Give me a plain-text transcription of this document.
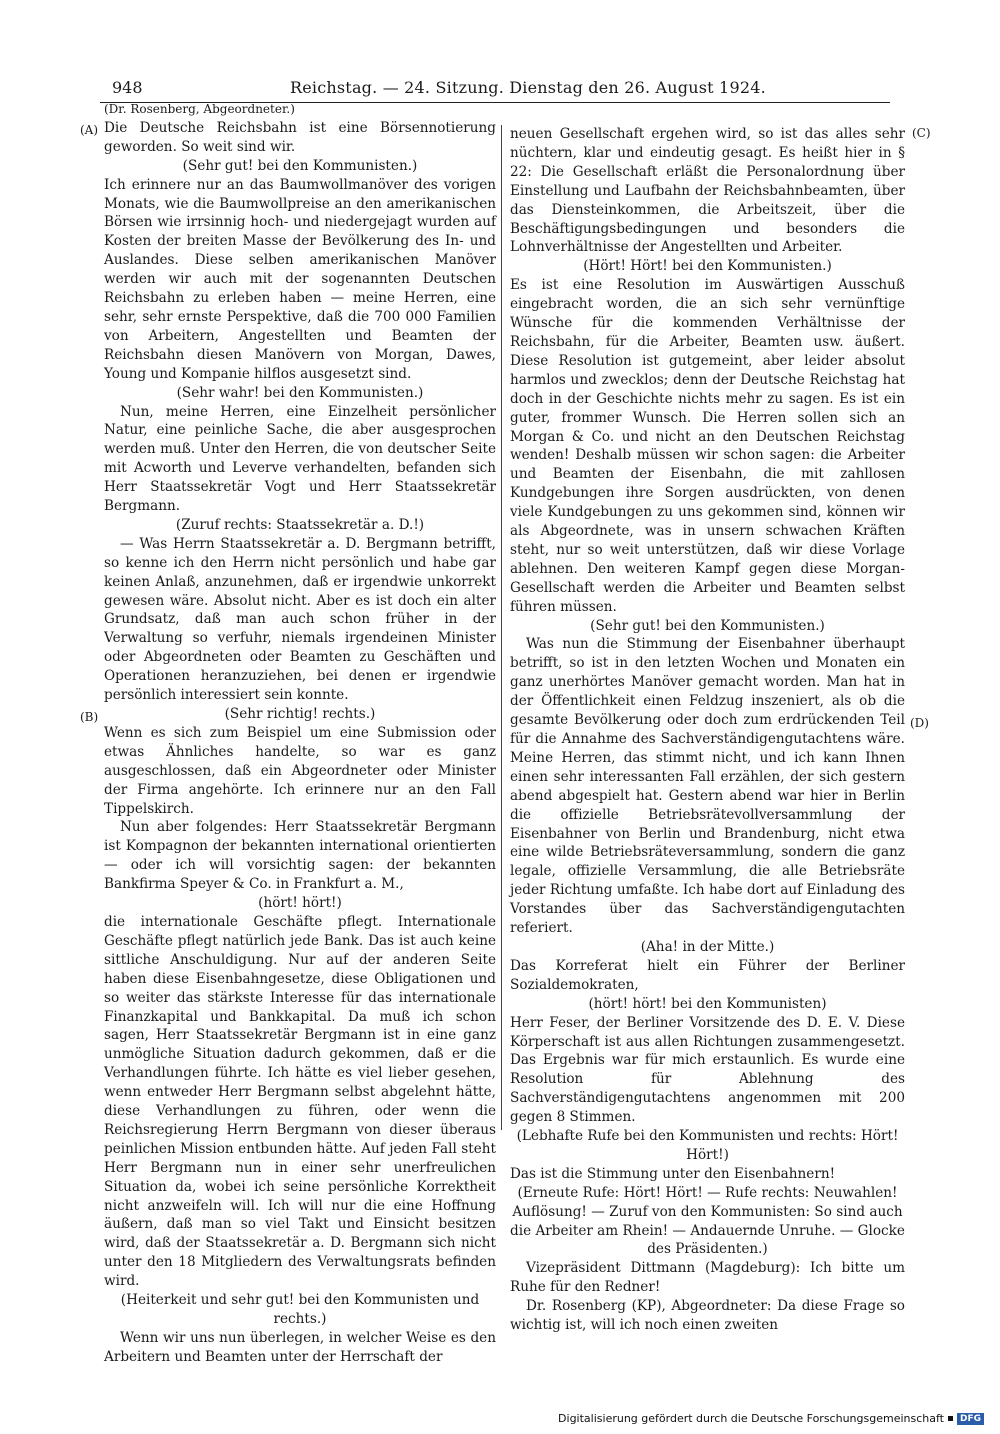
948	Reichstag. — 24. Sitzung. Dienstag den 26. August 1924.
(A)
(B)
(C)
(D)

(Dr. Rosenberg, Abgeordneter.)

Die Deutsche Reichsbahn ist eine Börsennotierung geworden. So weit sind wir.

(Sehr gut! bei den Kommunisten.)

Ich erinnere nur an das Baumwollmanöver des vorigen Monats, wie die Baumwollpreise an den amerikanischen Börsen wie irrsinnig hoch- und niedergejagt wurden auf Kosten der breiten Masse der Bevölkerung des In- und Auslandes. Diese selben amerikanischen Manöver werden wir auch mit der sogenannten Deutschen Reichsbahn zu erleben haben — meine Herren, eine sehr, sehr ernste Perspektive, daß die 700 000 Familien von Arbeitern, Angestellten und Beamten der Reichsbahn diesen Manövern von Morgan, Dawes, Young und Kompanie hilflos ausgesetzt sind.

(Sehr wahr! bei den Kommunisten.)

Nun, meine Herren, eine Einzelheit persönlicher Natur, eine peinliche Sache, die aber ausgesprochen werden muß. Unter den Herren, die von deutscher Seite mit Acworth und Leverve verhandelten, befanden sich Herr Staatssekretär Vogt und Herr Staatssekretär Bergmann.

(Zuruf rechts: Staatssekretär a. D.!)

— Was Herrn Staatssekretär a. D. Bergmann betrifft, so kenne ich den Herrn nicht persönlich und habe gar keinen Anlaß, anzunehmen, daß er irgendwie unkorrekt gewesen wäre. Absolut nicht. Aber es ist doch ein alter Grundsatz, daß man auch schon früher in der Verwaltung so verfuhr, niemals irgendeinen Minister oder Abgeordneten oder Beamten zu Geschäften und Operationen heranzuziehen, bei denen er irgendwie persönlich interessiert sein konnte.

(Sehr richtig! rechts.)

Wenn es sich zum Beispiel um eine Submission oder etwas Ähnliches handelte, so war es ganz ausgeschlossen, daß ein Abgeordneter oder Minister der Firma angehörte. Ich erinnere nur an den Fall Tippelskirch.

Nun aber folgendes: Herr Staatssekretär Bergmann ist Kompagnon der bekannten international orientierten — oder ich will vorsichtig sagen: der bekannten Bankfirma Speyer & Co. in Frankfurt a. M.,

(hört! hört!)

die internationale Geschäfte pflegt. Internationale Geschäfte pflegt natürlich jede Bank. Das ist auch keine sittliche Anschuldigung. Nur auf der anderen Seite haben diese Eisenbahngesetze, diese Obligationen und so weiter das stärkste Interesse für das internationale Finanzkapital und Bankkapital. Da muß ich schon sagen, Herr Staatssekretär Bergmann ist in eine ganz unmögliche Situation dadurch gekommen, daß er die Verhandlungen führte. Ich hätte es viel lieber gesehen, wenn entweder Herr Bergmann selbst abgelehnt hätte, diese Verhandlungen zu führen, oder wenn die Reichsregierung Herrn Bergmann von dieser überaus peinlichen Mission entbunden hätte. Auf jeden Fall steht Herr Bergmann nun in einer sehr unerfreulichen Situation da, wobei ich seine persönliche Korrektheit nicht anzweifeln will. Ich will nur die eine Hoffnung äußern, daß man so viel Takt und Einsicht besitzen wird, daß der Staatssekretär a. D. Bergmann sich nicht unter den 18 Mitgliedern des Verwaltungsrats befinden wird.

(Heiterkeit und sehr gut! bei den Kommunisten und rechts.)

Wenn wir uns nun überlegen, in welcher Weise es den Arbeitern und Beamten unter der Herrschaft der

neuen Gesellschaft ergehen wird, so ist das alles sehr nüchtern, klar und eindeutig gesagt. Es heißt hier in § 22: Die Gesellschaft erläßt die Personalordnung über Einstellung und Laufbahn der Reichsbahnbeamten, über das Diensteinkommen, die Arbeitszeit, über die Beschäftigungsbedingungen und besonders die Lohnverhältnisse der Angestellten und Arbeiter.

(Hört! Hört! bei den Kommunisten.)

Es ist eine Resolution im Auswärtigen Ausschuß eingebracht worden, die an sich sehr vernünftige Wünsche für die kommenden Verhältnisse der Reichsbahn, für die Arbeiter, Beamten usw. äußert. Diese Resolution ist gutgemeint, aber leider absolut harmlos und zwecklos; denn der Deutsche Reichstag hat doch in der Geschichte nichts mehr zu sagen. Es ist ein guter, frommer Wunsch. Die Herren sollen sich an Morgan & Co. und nicht an den Deutschen Reichstag wenden! Deshalb müssen wir schon sagen: die Arbeiter und Beamten der Eisenbahn, die mit zahllosen Kundgebungen ihre Sorgen ausdrückten, von denen viele Kundgebungen zu uns gekommen sind, können wir als Abgeordnete, was in unsern schwachen Kräften steht, nur so weit unterstützen, daß wir diese Vorlage ablehnen. Den weiteren Kampf gegen diese Morgan-Gesellschaft werden die Arbeiter und Beamten selbst führen müssen.

(Sehr gut! bei den Kommunisten.)

Was nun die Stimmung der Eisenbahner überhaupt betrifft, so ist in den letzten Wochen und Monaten ein ganz unerhörtes Manöver gemacht worden. Man hat in der Öffentlichkeit einen Feldzug inszeniert, als ob die gesamte Bevölkerung oder doch zum erdrückenden Teil für die Annahme des Sachverständigengutachtens wäre. Meine Herren, das stimmt nicht, und ich kann Ihnen einen sehr interessanten Fall erzählen, der sich gestern abend abgespielt hat. Gestern abend war hier in Berlin die offizielle Betriebsrätevollversammlung der Eisenbahner von Berlin und Brandenburg, nicht etwa eine wilde Betriebsräteversammlung, sondern die ganz legale, offizielle Versammlung, die alle Betriebsräte jeder Richtung umfaßte. Ich habe dort auf Einladung des Vorstandes über das Sachverständigengutachten referiert.

(Aha! in der Mitte.)

Das Korreferat hielt ein Führer der Berliner Sozialdemokraten,

(hört! hört! bei den Kommunisten)

Herr Feser, der Berliner Vorsitzende des D. E. V. Diese Körperschaft ist aus allen Richtungen zusammengesetzt. Das Ergebnis war für mich erstaunlich. Es wurde eine Resolution für Ablehnung des Sachverständigengutachtens angenommen mit 200 gegen 8 Stimmen.

(Lebhafte Rufe bei den Kommunisten und rechts: Hört! Hört!)

Das ist die Stimmung unter den Eisenbahnern!

(Erneute Rufe: Hört! Hört! — Rufe rechts: Neuwahlen! Auflösung! — Zuruf von den Kommunisten: So sind auch die Arbeiter am Rhein! — Andauernde Unruhe. — Glocke des Präsidenten.)

Vizepräsident Dittmann (Magdeburg): Ich bitte um Ruhe für den Redner!

Dr. Rosenberg (KP), Abgeordneter: Da diese Frage so wichtig ist, will ich noch einen zweiten

Digitalisierung gefördert durch die Deutsche Forschungsgemeinschaft	DFG
